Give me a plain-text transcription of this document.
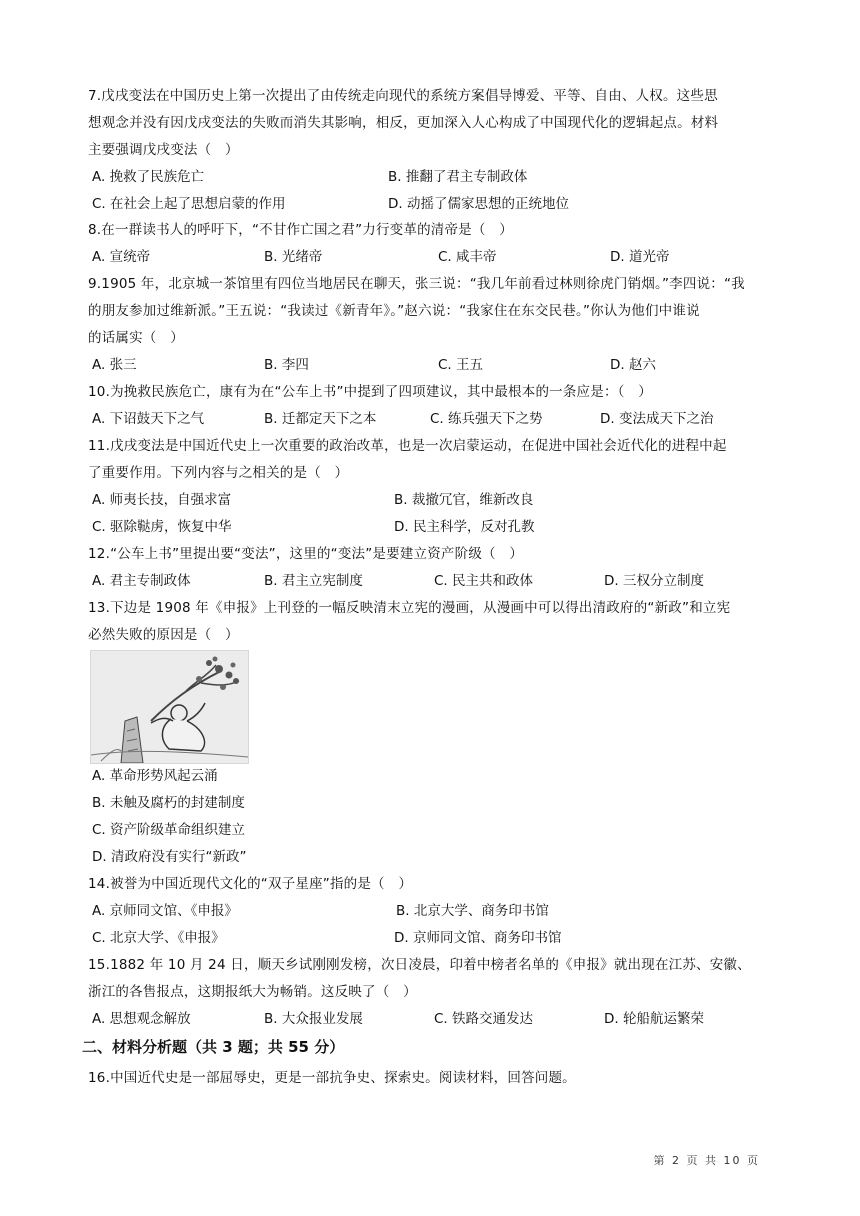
7.戊戌变法在中国历史上第一次提出了由传统走向现代的系统方案倡导博爱、平等、自由、人权。这些思
想观念并没有因戊戌变法的失败而消失其影响，相反，更加深入人心构成了中国现代化的逻辑起点。材料
主要强调戊戌变法（　）
A. 挽救了民族危亡	B. 推翻了君主专制政体
C. 在社会上起了思想启蒙的作用	D. 动摇了儒家思想的正统地位
8.在一群读书人的呼吁下，“不甘作亡国之君”力行变革的清帝是（　）
A. 宣统帝	B. 光绪帝	C. 咸丰帝	D. 道光帝
9.1905 年，北京城一茶馆里有四位当地居民在聊天，张三说：“我几年前看过林则徐虎门销烟。”李四说：“我
的朋友参加过维新派。”王五说：“我读过《新青年》。”赵六说：“我家住在东交民巷。”你认为他们中谁说
的话属实（　）
A. 张三	B. 李四	C. 王五	D. 赵六
10.为挽救民族危亡，康有为在“公车上书”中提到了四项建议，其中最根本的一条应是：（　）
A. 下诏鼓天下之气	B. 迁都定天下之本	C. 练兵强天下之势	D. 变法成天下之治
11.戊戌变法是中国近代史上一次重要的政治改革，也是一次启蒙运动，在促进中国社会近代化的进程中起
了重要作用。下列内容与之相关的是（　）
A. 师夷长技，自强求富	B. 裁撤冗官，维新改良
C. 驱除鞑虏，恢复中华	D. 民主科学，反对孔教
12.“公车上书”里提出要“变法”，这里的“变法”是要建立资产阶级（　）
A. 君主专制政体	B. 君主立宪制度	C. 民主共和政体	D. 三权分立制度
13.下边是 1908 年《申报》上刊登的一幅反映清末立宪的漫画，从漫画中可以得出清政府的“新政”和立宪
必然失败的原因是（　）
A. 革命形势风起云涌
B. 未触及腐朽的封建制度
C. 资产阶级革命组织建立
D. 清政府没有实行“新政”
14.被誉为中国近现代文化的“双子星座”指的是（　）
A. 京师同文馆、《申报》	B. 北京大学、商务印书馆
C. 北京大学、《申报》	D. 京师同文馆、商务印书馆
15.1882 年 10 月 24 日，顺天乡试刚刚发榜，次日凌晨，印着中榜者名单的《申报》就出现在江苏、安徽、
浙江的各售报点，这期报纸大为畅销。这反映了（　）
A. 思想观念解放	B. 大众报业发展	C. 铁路交通发达	D. 轮船航运繁荣
二、材料分析题（共 3 题；共 55 分）
16.中国近代史是一部屈辱史，更是一部抗争史、探索史。阅读材料，回答问题。
第 2 页 共 10 页
